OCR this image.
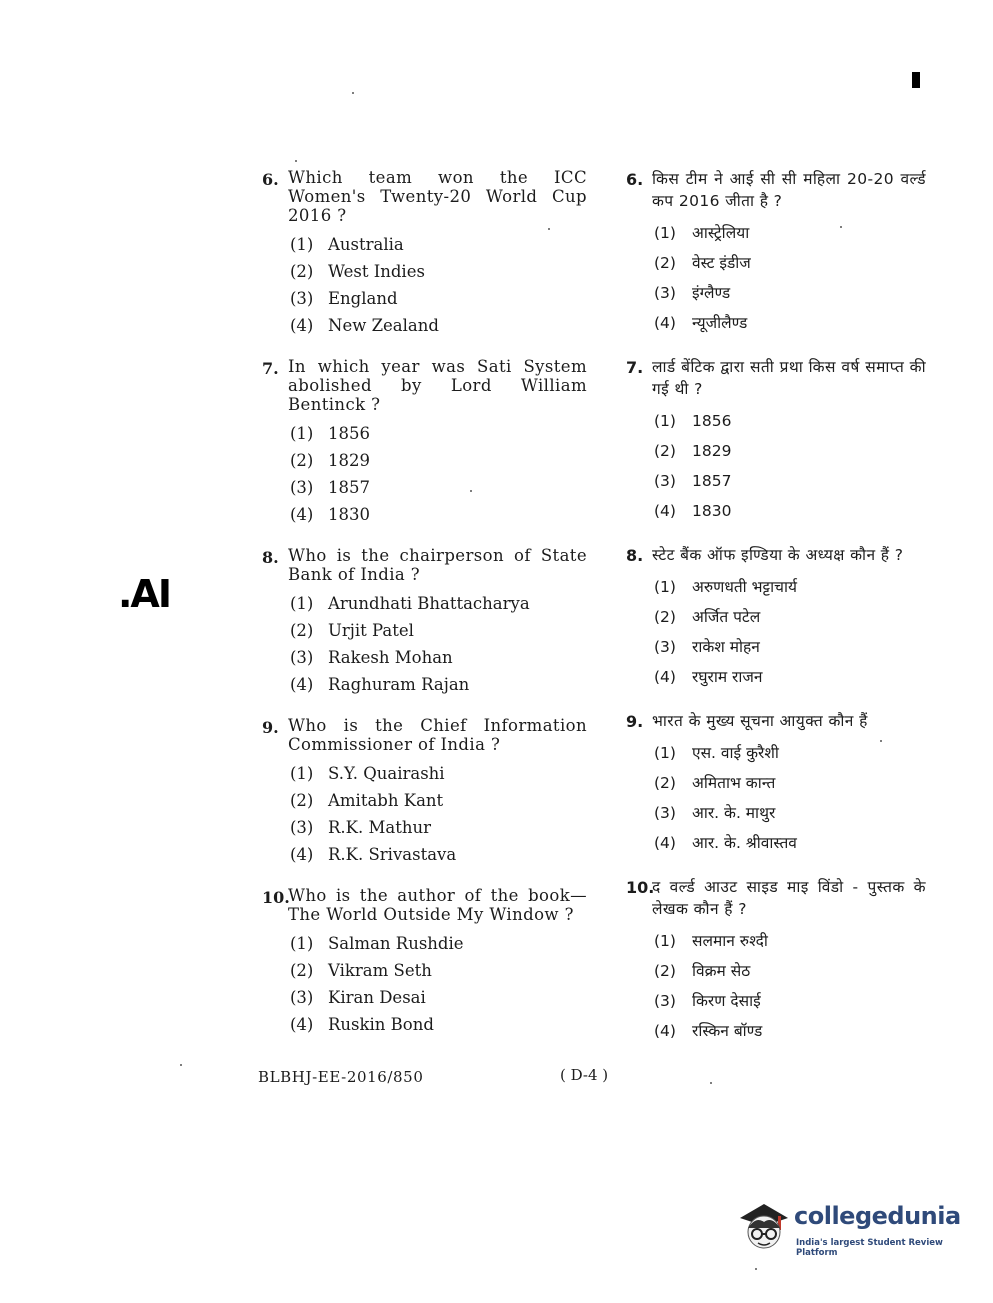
.AI
6. Which team won the ICC Women's Twenty-20 World Cup 2016 ?
(1) Australia
(2) West Indies
(3) England
(4) New Zealand
7. In which year was Sati System abolished by Lord William Bentinck ?
(1) 1856
(2) 1829
(3) 1857
(4) 1830
8. Who is the chairperson of State Bank of India ?
(1) Arundhati Bhattacharya
(2) Urjit Patel
(3) Rakesh Mohan
(4) Raghuram Rajan
9. Who is the Chief Information Commissioner of India ?
(1) S.Y. Quairashi
(2) Amitabh Kant
(3) R.K. Mathur
(4) R.K. Srivastava
10.
Who is the author of the book— The World Outside My Window ?
(1) Salman Rushdie
(2) Vikram Seth
(3) Kiran Desai
(4) Ruskin Bond
6. किस टीम ने आई सी सी महिला 20-20 वर्ल्ड कप 2016 जीता है ?
(1)	आस्ट्रेलिया
(2)	वेस्ट इंडीज
(3)	इंग्लैण्ड
(4)	न्यूजीलैण्ड
7. लार्ड बेंटिक द्वारा सती प्रथा किस वर्ष समाप्त की गई थी ?
(1)	1856
(2)	1829
(3)	1857
(4)	1830
8. स्टेट बैंक ऑफ इण्डिया के अध्यक्ष कौन हैं ?
(1)	अरुणधती भट्टाचार्य
(2)	अर्जित पटेल
(3)	राकेश मोहन
(4)	रघुराम राजन
9. भारत के मुख्य सूचना आयुक्त कौन हैं
(1)	एस. वाई कुरैशी
(2)	अमिताभ कान्त
(3)	आर. के. माथुर
(4)	आर. के. श्रीवास्तव
10.
द वर्ल्ड आउट साइड माइ विंडो - पुस्तक के लेखक कौन हैं ?
(1)	सलमान रुश्दी
(2)	विक्रम सेठ
(3)	किरण देसाई
(4)	रस्किन बॉण्ड
BLBHJ-EE-2016/850	( D-4 )
collegedunia
India's largest Student Review Platform
